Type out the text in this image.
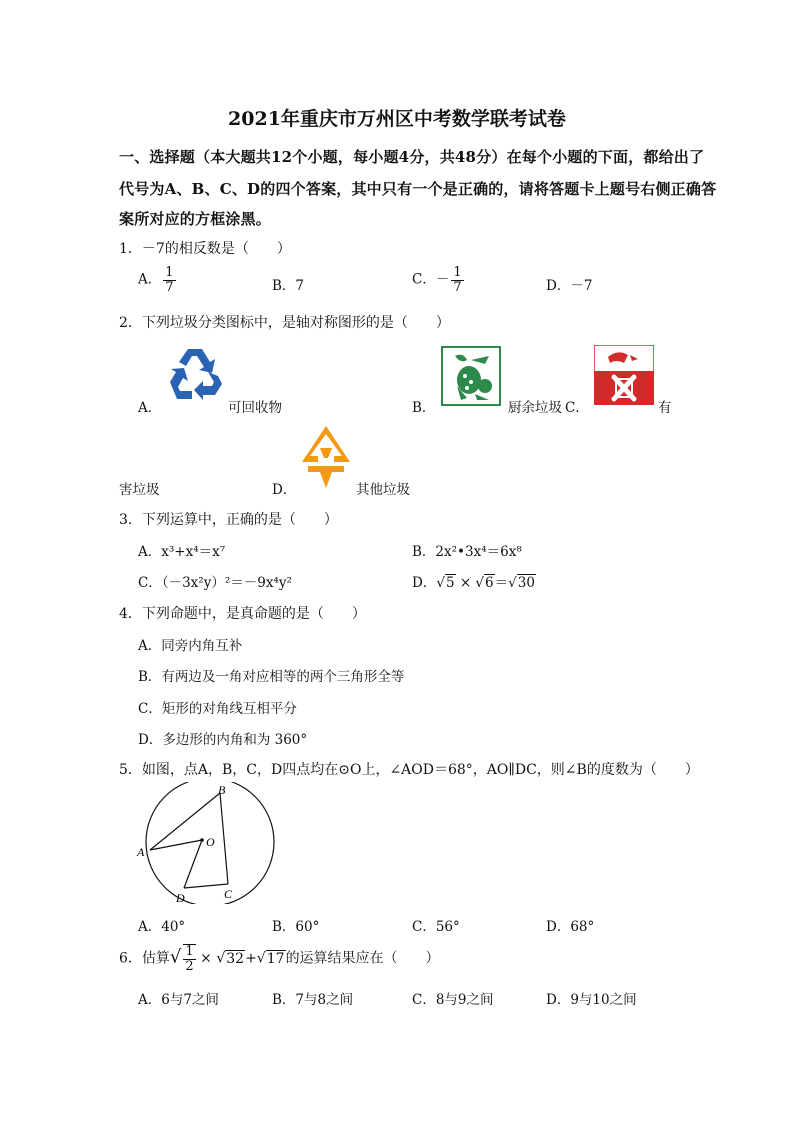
2021年重庆市万州区中考数学联考试卷
一、选择题（本大题共12个小题，每小题4分，共48分）在每个小题的下面，都给出了
代号为A、B、C、D的四个答案，其中只有一个是正确的，请将答题卡上题号右侧正确答
案所对应的方框涂黑。
1．－7的相反数是（　　）
A． $\frac{1}{7}$	B．7	C．－ $\frac{1}{7}$	D．－7
2．下列垃圾分类图标中，是轴对称图形的是（　　）
A．	可回收物	B．	厨余垃圾 C．	有
害垃圾	D．	其他垃圾
3．下列运算中，正确的是（　　）
A．x³+x⁴＝x⁷	B．2x²•3x⁴＝6x⁸
C．（－3x²y）²＝－9x⁴y²	D．√5 × √6＝√30
4．下列命题中，是真命题的是（　　）
A．同旁内角互补
B．有两边及一角对应相等的两个三角形全等
C．矩形的对角线互相平分
D．多边形的内角和为 360°
5．如图，点A，B，C，D四点均在⊙O上，∠AOD＝68°，AO∥DC，则∠B的度数为（　　）
B
A
O
D	C
A．40°	B．60°	C．56°	D．68°
6．估算√ $\frac{1}{2} \times √32+√17$的运算结果应在（　　）
A．6与7之间	B．7与8之间	C．8与9之间	D．9与10之间
